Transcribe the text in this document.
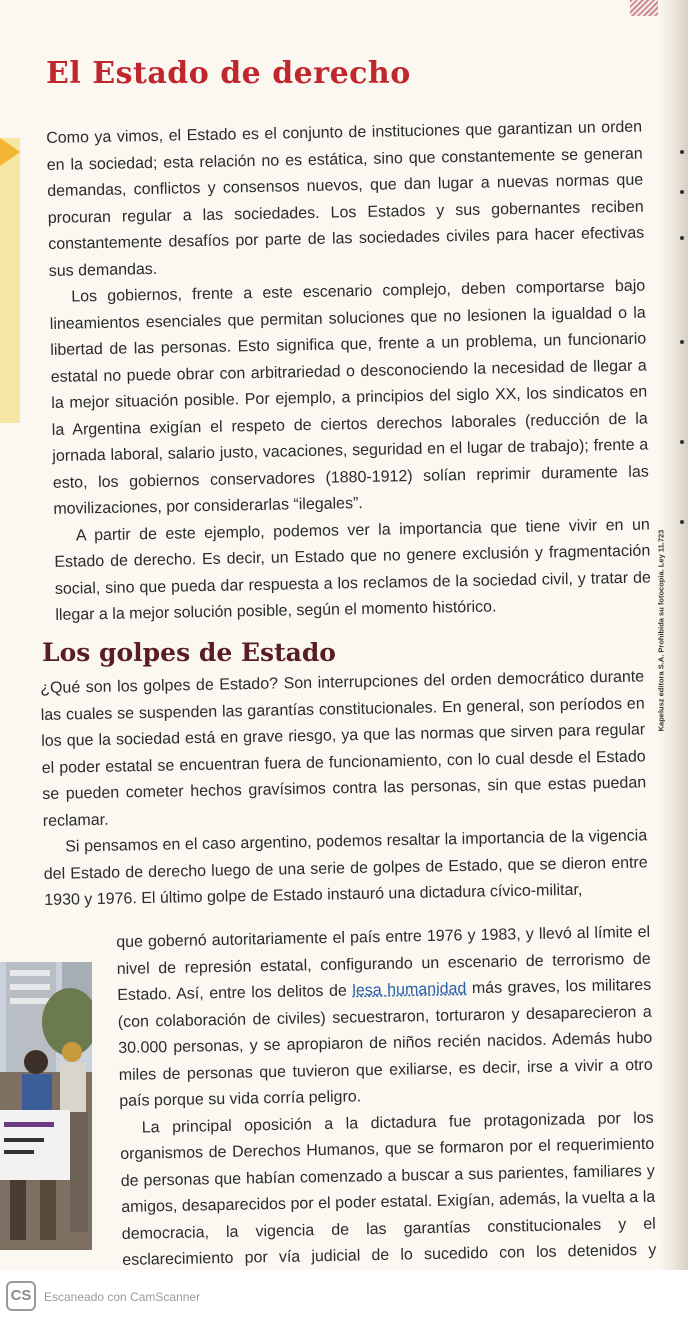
El Estado de derecho

Como ya vimos, el Estado es el conjunto de instituciones que garantizan un orden en la sociedad; esta relación no es estática, sino que constantemente se generan demandas, conflictos y consensos nuevos, que dan lugar a nuevas normas que procuran regular a las sociedades. Los Estados y sus gobernantes reciben constantemente desafíos por parte de las sociedades civiles para hacer efectivas sus demandas.

Los gobiernos, frente a este escenario complejo, deben comportarse bajo lineamientos esenciales que permitan soluciones que no lesionen la igualdad o la libertad de las personas. Esto significa que, frente a un problema, un funcionario estatal no puede obrar con arbitrariedad o desconociendo la necesidad de llegar a la mejor situación posible. Por ejemplo, a principios del siglo XX, los sindicatos en la Argentina exigían el respeto de ciertos derechos laborales (reducción de la jornada laboral, salario justo, vacaciones, seguridad en el lugar de trabajo); frente a esto, los gobiernos conservadores (1880-1912) solían reprimir duramente las movilizaciones, por considerarlas “ilegales”.

A partir de este ejemplo, podemos ver la importancia que tiene vivir en un Estado de derecho. Es decir, un Estado que no genere exclusión y fragmentación social, sino que pueda dar respuesta a los reclamos de la sociedad civil, y tratar de llegar a la mejor solución posible, según el momento histórico.

Los golpes de Estado

¿Qué son los golpes de Estado? Son interrupciones del orden democrático durante las cuales se suspenden las garantías constitucionales. En general, son períodos en los que la sociedad está en grave riesgo, ya que las normas que sirven para regular el poder estatal se encuentran fuera de funcionamiento, con lo cual desde el Estado se pueden cometer hechos gravísimos contra las personas, sin que estas puedan reclamar.

Si pensamos en el caso argentino, podemos resaltar la importancia de la vigencia del Estado de derecho luego de una serie de golpes de Estado, que se dieron entre 1930 y 1976. El último golpe de Estado instauró una dictadura cívico-militar,

que gobernó autoritariamente el país entre 1976 y 1983, y llevó al límite el nivel de represión estatal, configurando un escenario de terrorismo de Estado. Así, entre los delitos de lesa humanidad más graves, los militares (con colaboración de civiles) secuestraron, torturaron y desaparecieron a 30.000 personas, y se apropiaron de niños recién nacidos. Además hubo miles de personas que tuvieron que exiliarse, es decir, irse a vivir a otro país porque su vida corría peligro.

La principal oposición a la dictadura fue protagonizada por los organismos de Derechos Humanos, que se formaron por el requerimiento de personas que habían comenzado a buscar a sus parientes, familiares y amigos, desaparecidos por el poder estatal. Exigían, además, la vuelta a la democracia, la vigencia de las garantías constitucionales y el esclarecimiento por vía judicial de lo sucedido con los detenidos y

Kapelusz editora S.A. Prohibida su fotocopia. Ley 11.723
CS	Escaneado con CamScanner
